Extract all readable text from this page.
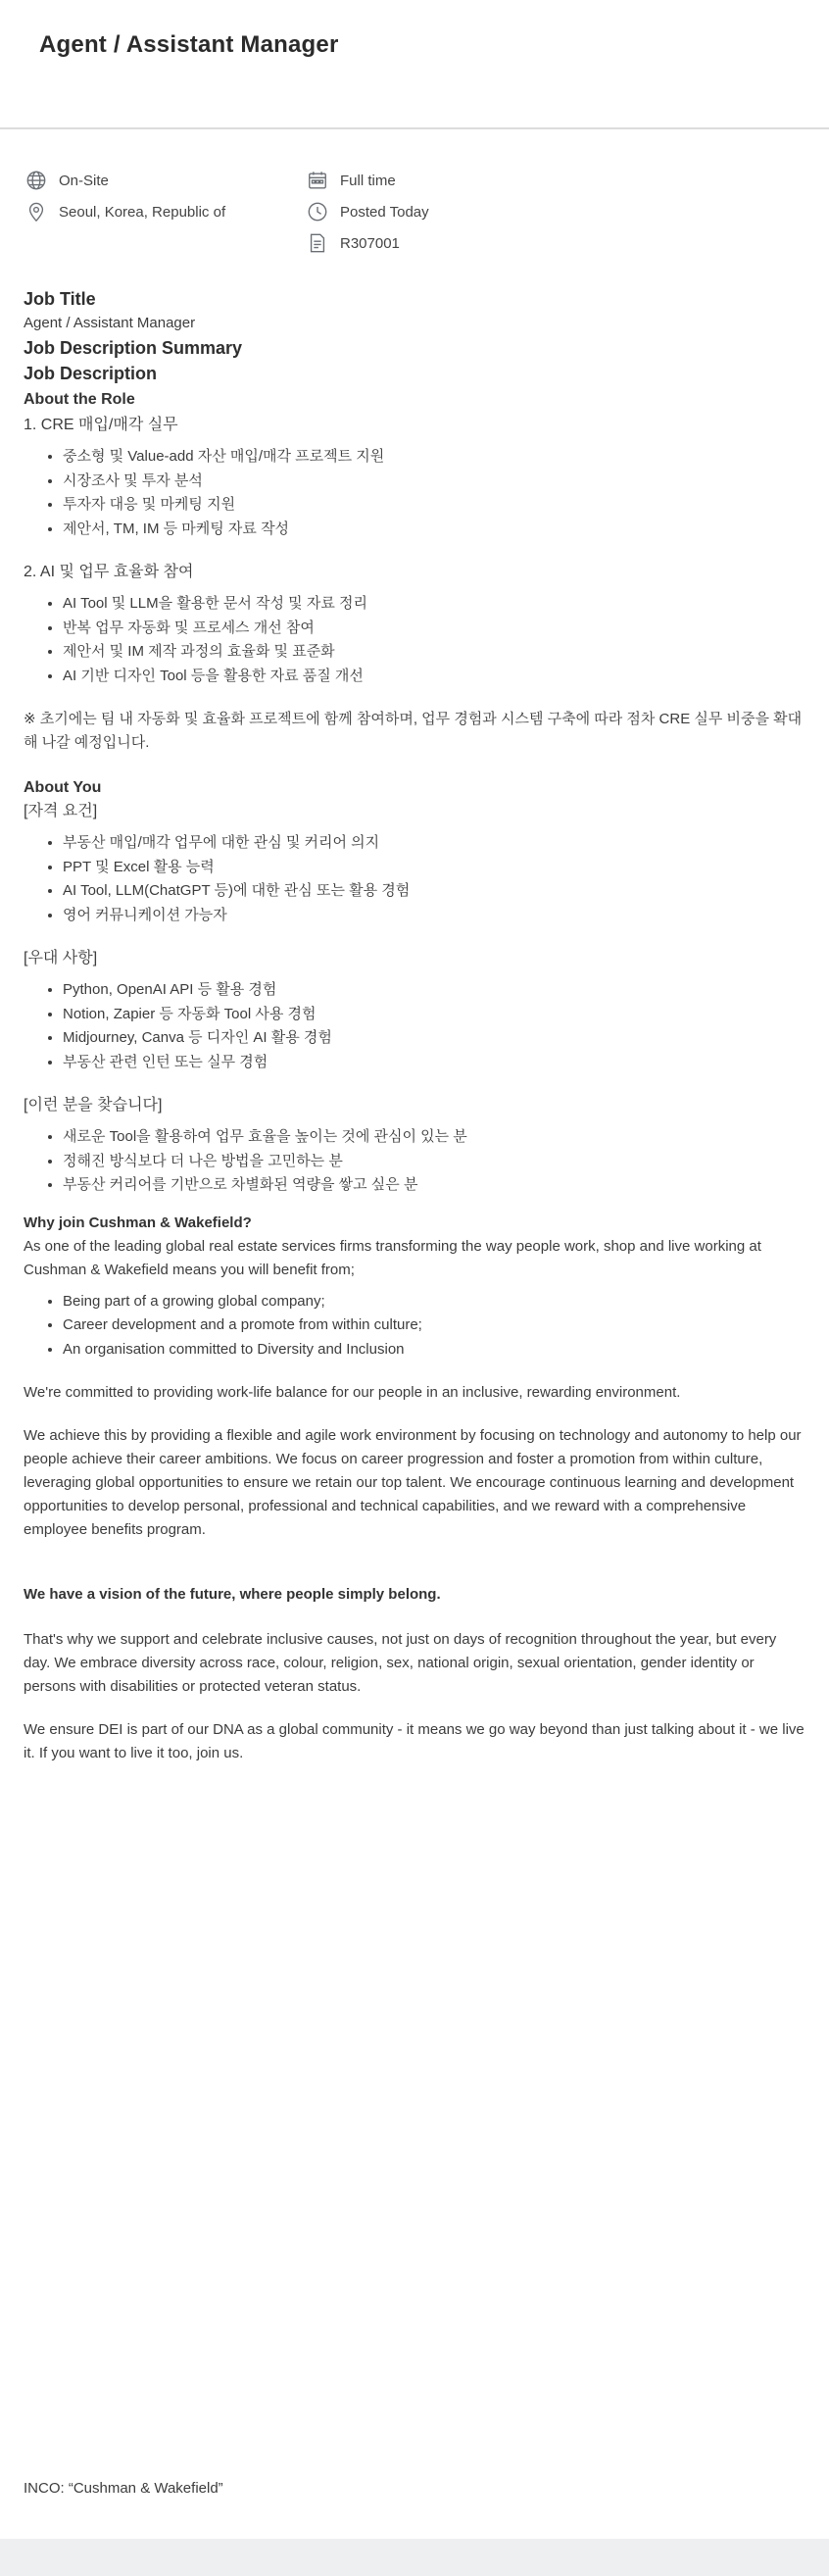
Agent / Assistant Manager
On-Site
Seoul, Korea, Republic of
Full time
Posted Today
R307001
Job Title

Agent / Assistant Manager

Job Description Summary
Job Description
About the Role

1. CRE 매입/매각 실무

• 중소형 및 Value-add 자산 매입/매각 프로젝트 지원
• 시장조사 및 투자 분석
• 투자자 대응 및 마케팅 지원
• 제안서, TM, IM 등 마케팅 자료 작성

2. AI 및 업무 효율화 참여

• AI Tool 및 LLM을 활용한 문서 작성 및 자료 정리
• 반복 업무 자동화 및 프로세스 개선 참여
• 제안서 및 IM 제작 과정의 효율화 및 표준화
• AI 기반 디자인 Tool 등을 활용한 자료 품질 개선

※ 초기에는 팀 내 자동화 및 효율화 프로젝트에 함께 참여하며, 업무 경험과 시스템 구축에 따라 점차 CRE 실무 비중을 확대해 나갈 예정입니다.

About You

[자격 요건]

• 부동산 매입/매각 업무에 대한 관심 및 커리어 의지
• PPT 및 Excel 활용 능력
• AI Tool, LLM(ChatGPT 등)에 대한 관심 또는 활용 경험
• 영어 커뮤니케이션 가능자

[우대 사항]

• Python, OpenAI API 등 활용 경험
• Notion, Zapier 등 자동화 Tool 사용 경험
• Midjourney, Canva 등 디자인 AI 활용 경험
• 부동산 관련 인턴 또는 실무 경험

[이런 분을 찾습니다]

• 새로운 Tool을 활용하여 업무 효율을 높이는 것에 관심이 있는 분
• 정해진 방식보다 더 나은 방법을 고민하는 분
• 부동산 커리어를 기반으로 차별화된 역량을 쌓고 싶은 분
Why join Cushman & Wakefield?

As one of the leading global real estate services firms transforming the way people work, shop and live working at Cushman & Wakefield means you will benefit from;

• Being part of a growing global company;
• Career development and a promote from within culture;
• An organisation committed to Diversity and Inclusion

We're committed to providing work-life balance for our people in an inclusive, rewarding environment.

We achieve this by providing a flexible and agile work environment by focusing on technology and autonomy to help our people achieve their career ambitions. We focus on career progression and foster a promotion from within culture, leveraging global opportunities to ensure we retain our top talent. We encourage continuous learning and development opportunities to develop personal, professional and technical capabilities, and we reward with a comprehensive employee benefits program.

We have a vision of the future, where people simply belong.

That's why we support and celebrate inclusive causes, not just on days of recognition throughout the year, but every day. We embrace diversity across race, colour, religion, sex, national origin, sexual orientation, gender identity or persons with disabilities or protected veteran status.

We ensure DEI is part of our DNA as a global community - it means we go way beyond than just talking about it - we live it. If you want to live it too, join us.

INCO: “Cushman & Wakefield”
